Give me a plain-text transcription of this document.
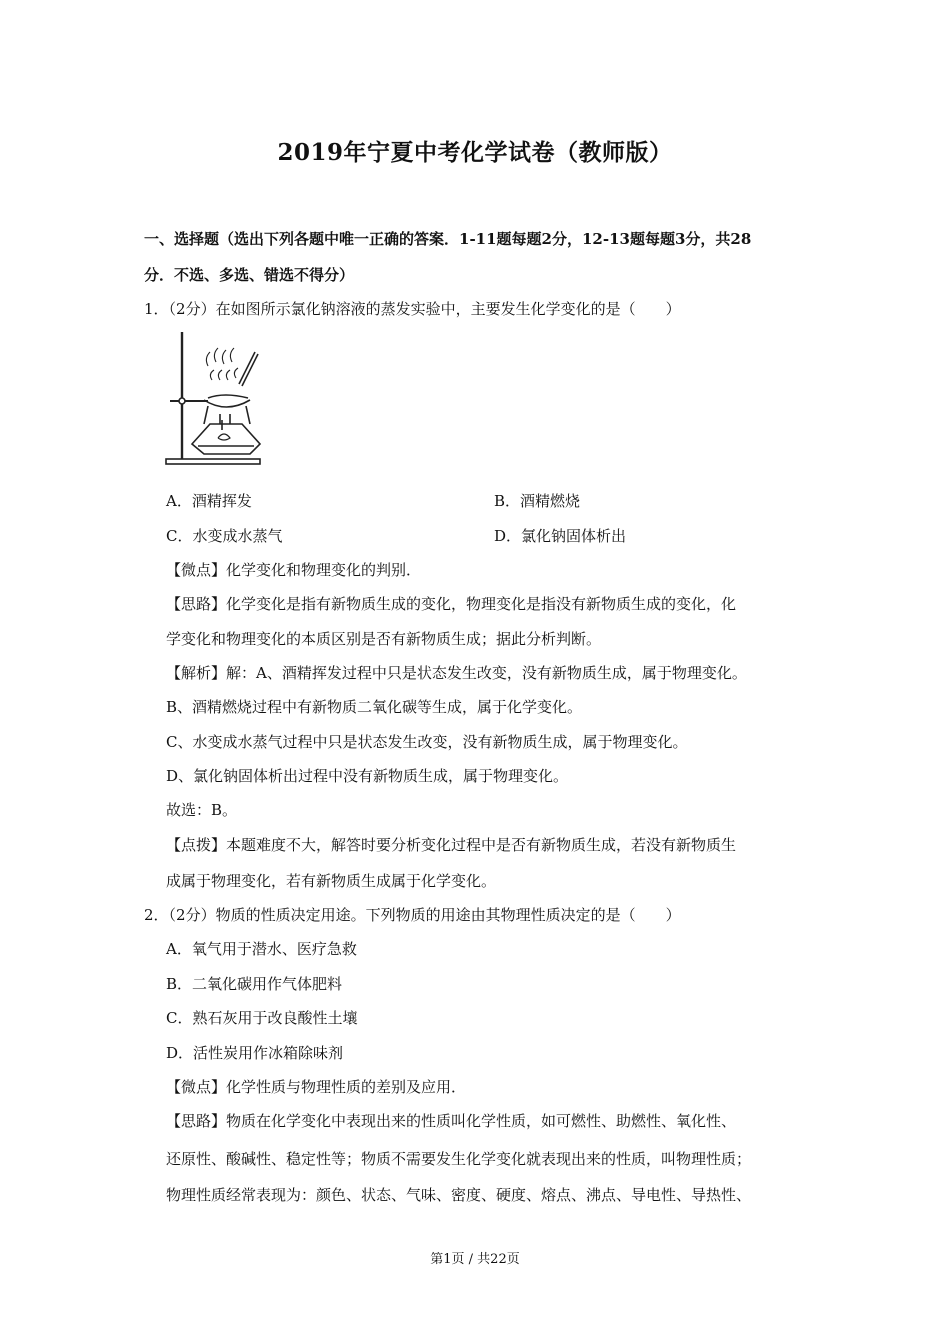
2019年宁夏中考化学试卷（教师版）
一、选择题（选出下列各题中唯一正确的答案．1-11题每题2分，12-13题每题3分，共28
分．不选、多选、错选不得分）
1．（2分）在如图所示氯化钠溶液的蒸发实验中，主要发生化学变化的是（　　）
A．酒精挥发	B．酒精燃烧
C．水变成水蒸气	D．氯化钠固体析出
【微点】化学变化和物理变化的判别．
【思路】化学变化是指有新物质生成的变化，物理变化是指没有新物质生成的变化，化
学变化和物理变化的本质区别是否有新物质生成；据此分析判断。
【解析】解：A、酒精挥发过程中只是状态发生改变，没有新物质生成，属于物理变化。
B、酒精燃烧过程中有新物质二氧化碳等生成，属于化学变化。
C、水变成水蒸气过程中只是状态发生改变，没有新物质生成，属于物理变化。
D、氯化钠固体析出过程中没有新物质生成，属于物理变化。
故选：B。
【点拨】本题难度不大，解答时要分析变化过程中是否有新物质生成，若没有新物质生
成属于物理变化，若有新物质生成属于化学变化。
2．（2分）物质的性质决定用途。下列物质的用途由其物理性质决定的是（　　）
A．氧气用于潜水、医疗急救
B．二氧化碳用作气体肥料
C．熟石灰用于改良酸性土壤
D．活性炭用作冰箱除味剂
【微点】化学性质与物理性质的差别及应用．
【思路】物质在化学变化中表现出来的性质叫化学性质，如可燃性、助燃性、氧化性、
还原性、酸碱性、稳定性等；物质不需要发生化学变化就表现出来的性质，叫物理性质；
物理性质经常表现为：颜色、状态、气味、密度、硬度、熔点、沸点、导电性、导热性、
第1页 / 共22页
